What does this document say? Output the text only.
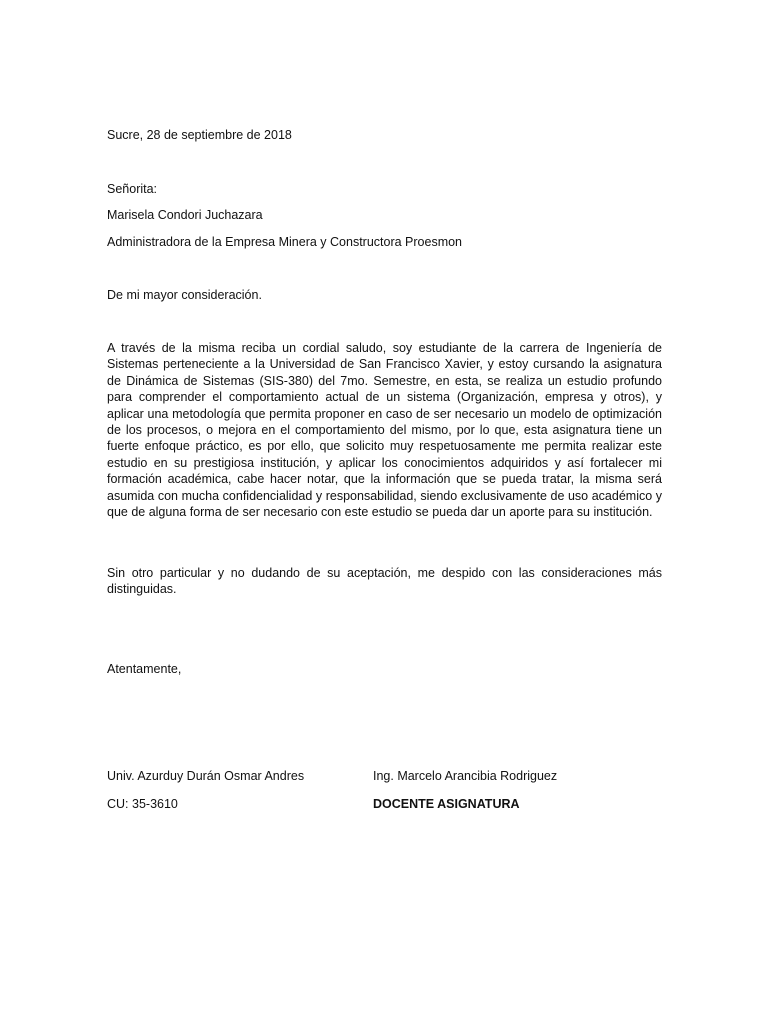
Sucre, 28 de septiembre de 2018
Señorita:
Marisela Condori Juchazara
Administradora de la Empresa Minera y Constructora Proesmon
De mi mayor consideración.
A través de la misma reciba un cordial saludo, soy estudiante de la carrera de Ingeniería de Sistemas perteneciente a la Universidad de San Francisco Xavier, y estoy cursando la asignatura de Dinámica de Sistemas (SIS-380) del 7mo. Semestre, en esta, se realiza un estudio profundo para comprender el comportamiento actual de un sistema (Organización, empresa y otros), y aplicar una metodología que permita proponer en caso de ser necesario un modelo de optimización de los procesos, o mejora en el comportamiento del mismo, por lo que, esta asignatura tiene un fuerte enfoque práctico, es por ello, que solicito muy respetuosamente me permita realizar este estudio en su prestigiosa institución, y aplicar los conocimientos adquiridos y así fortalecer mi formación académica, cabe hacer notar, que la información que se pueda tratar, la misma será asumida con mucha confidencialidad y responsabilidad, siendo exclusivamente de uso académico y que de alguna forma de ser necesario con este estudio se pueda dar un aporte para su institución.
Sin otro particular y no dudando de su aceptación, me despido con las consideraciones más distinguidas.
Atentamente,
Univ. Azurduy Durán Osmar Andres
CU: 35-3610
Ing. Marcelo Arancibia Rodriguez
DOCENTE ASIGNATURA
